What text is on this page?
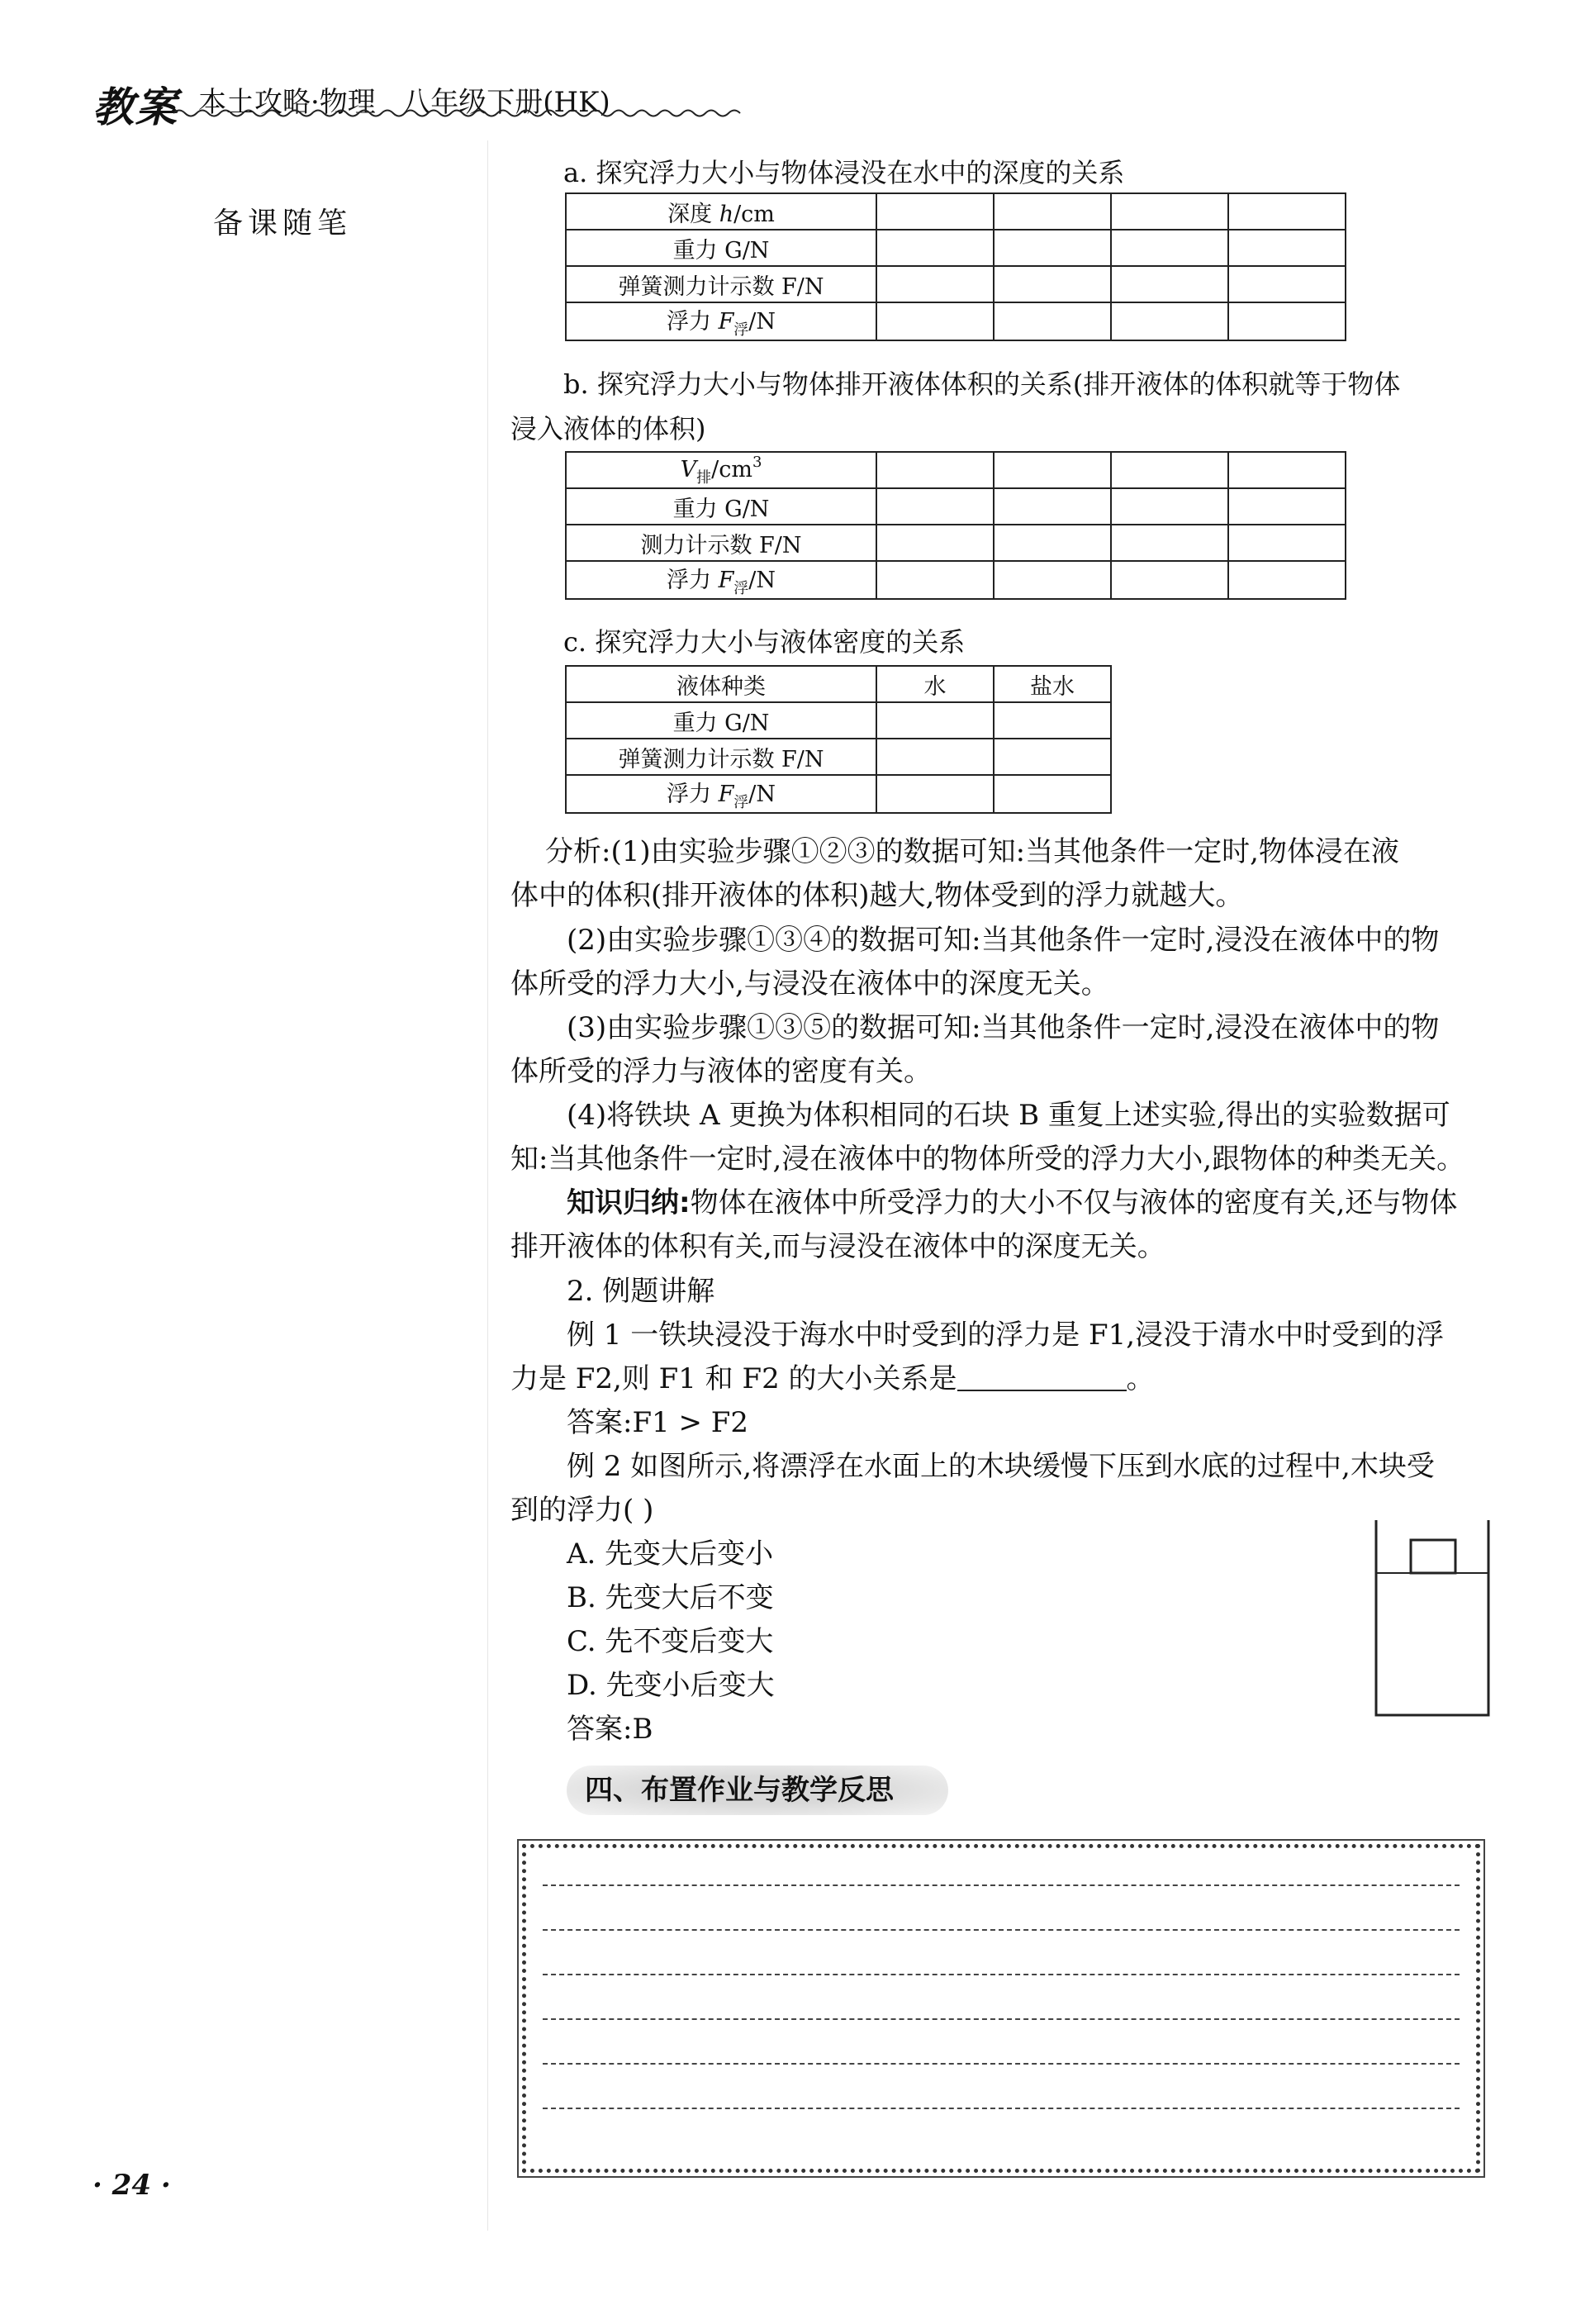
教案 本土攻略·物理   八年级下册(HK)
备课随笔
a. 探究浮力大小与物体浸没在水中的深度的关系
深度 h/cm				
重力 G/N				
弹簧测力计示数 F/N				
浮力 $F_浮/N$				
b. 探究浮力大小与物体排开液体体积的关系(排开液体的体积就等于物体
浸入液体的体积)
$V_排/cm^3$				
重力 G/N				
测力计示数 F/N				
浮力 $F_浮/N$				
c. 探究浮力大小与液体密度的关系
液体种类	水	盐水
重力 G/N		
弹簧测力计示数 F/N		
浮力 $F_浮/N$		
分析:(1)由实验步骤①②③的数据可知:当其他条件一定时,物体浸在液
体中的体积(排开液体的体积)越大,物体受到的浮力就越大。
(2)由实验步骤①③④的数据可知:当其他条件一定时,浸没在液体中的物
体所受的浮力大小,与浸没在液体中的深度无关。
(3)由实验步骤①③⑤的数据可知:当其他条件一定时,浸没在液体中的物
体所受的浮力与液体的密度有关。
(4)将铁块 A 更换为体积相同的石块 B 重复上述实验,得出的实验数据可
知:当其他条件一定时,浸在液体中的物体所受的浮力大小,跟物体的种类无关。
知识归纳:物体在液体中所受浮力的大小不仅与液体的密度有关,还与物体
排开液体的体积有关,而与浸没在液体中的深度无关。
2. 例题讲解
例 1 一铁块浸没于海水中时受到的浮力是 F1,浸没于清水中时受到的浮
力是 F2,则 F1 和 F2 的大小关系是	。
答案:F1 > F2
例 2 如图所示,将漂浮在水面上的木块缓慢下压到水底的过程中,木块受
到的浮力( )
A. 先变大后变小
B. 先变大后不变
C. 先不变后变大
D. 先变小后变大
答案:B
四、布置作业与教学反思
· 24 ·
